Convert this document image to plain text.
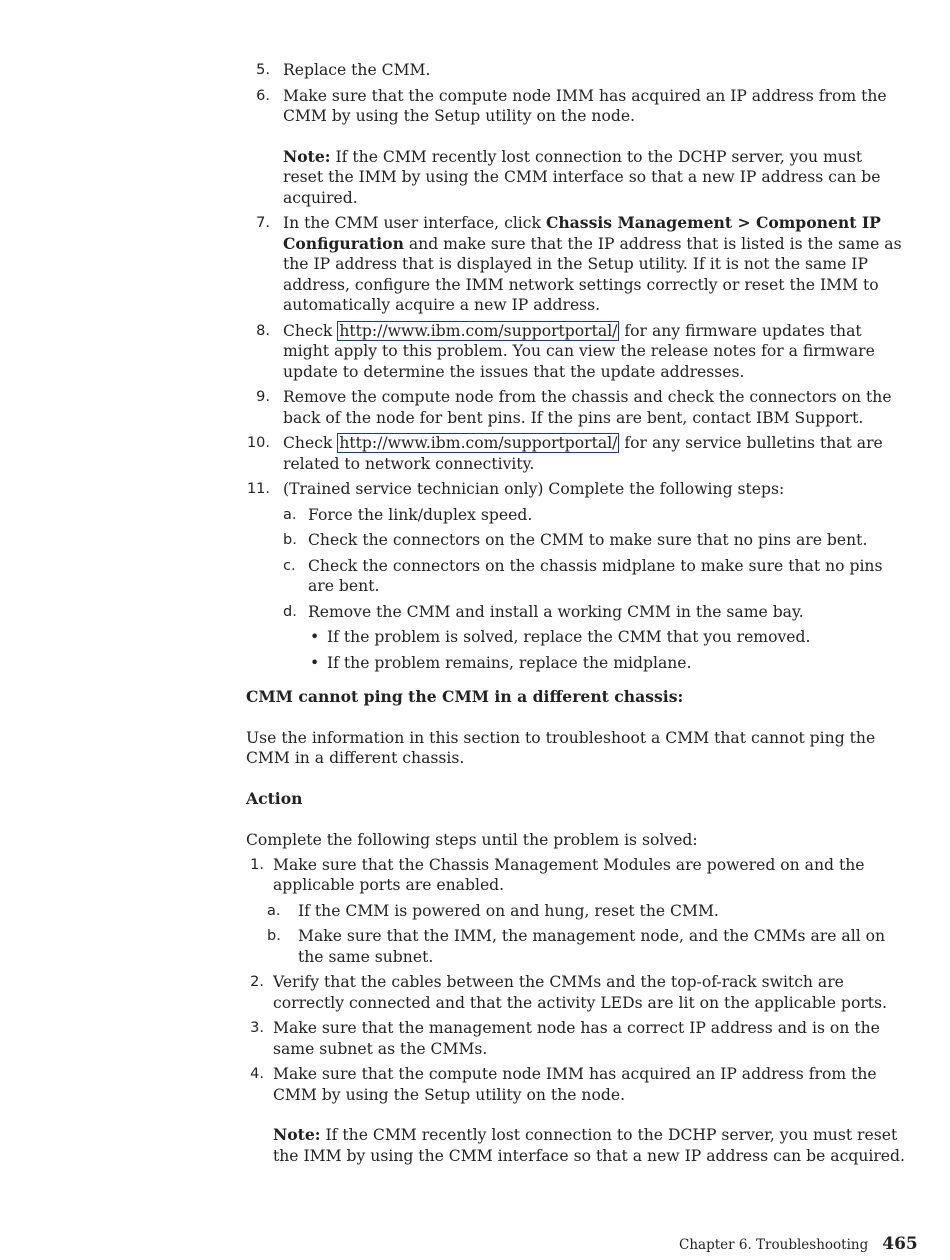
5. Replace the CMM.
6. Make sure that the compute node IMM has acquired an IP address from the CMM by using the Setup utility on the node.
Note: If the CMM recently lost connection to the DCHP server, you must reset the IMM by using the CMM interface so that a new IP address can be acquired.
7. In the CMM user interface, click Chassis Management > Component IP Configuration and make sure that the IP address that is listed is the same as the IP address that is displayed in the Setup utility. If it is not the same IP address, configure the IMM network settings correctly or reset the IMM to automatically acquire a new IP address.
8. Check http://www.ibm.com/supportportal/ for any firmware updates that might apply to this problem. You can view the release notes for a firmware update to determine the issues that the update addresses.
9. Remove the compute node from the chassis and check the connectors on the back of the node for bent pins. If the pins are bent, contact IBM Support.
10. Check http://www.ibm.com/supportportal/ for any service bulletins that are related to network connectivity.
11. (Trained service technician only) Complete the following steps:
a. Force the link/duplex speed.
b. Check the connectors on the CMM to make sure that no pins are bent.
c. Check the connectors on the chassis midplane to make sure that no pins are bent.
d. Remove the CMM and install a working CMM in the same bay.
• If the problem is solved, replace the CMM that you removed.
• If the problem remains, replace the midplane.
CMM cannot ping the CMM in a different chassis:

Use the information in this section to troubleshoot a CMM that cannot ping the CMM in a different chassis.

Action

Complete the following steps until the problem is solved:

1. Make sure that the Chassis Management Modules are powered on and the applicable ports are enabled.
a. If the CMM is powered on and hung, reset the CMM.
b. Make sure that the IMM, the management node, and the CMMs are all on the same subnet.
2. Verify that the cables between the CMMs and the top-of-rack switch are correctly connected and that the activity LEDs are lit on the applicable ports.
3. Make sure that the management node has a correct IP address and is on the same subnet as the CMMs.
4. Make sure that the compute node IMM has acquired an IP address from the CMM by using the Setup utility on the node.
Note: If the CMM recently lost connection to the DCHP server, you must reset the IMM by using the CMM interface so that a new IP address can be acquired.
Chapter 6. Troubleshooting 465
